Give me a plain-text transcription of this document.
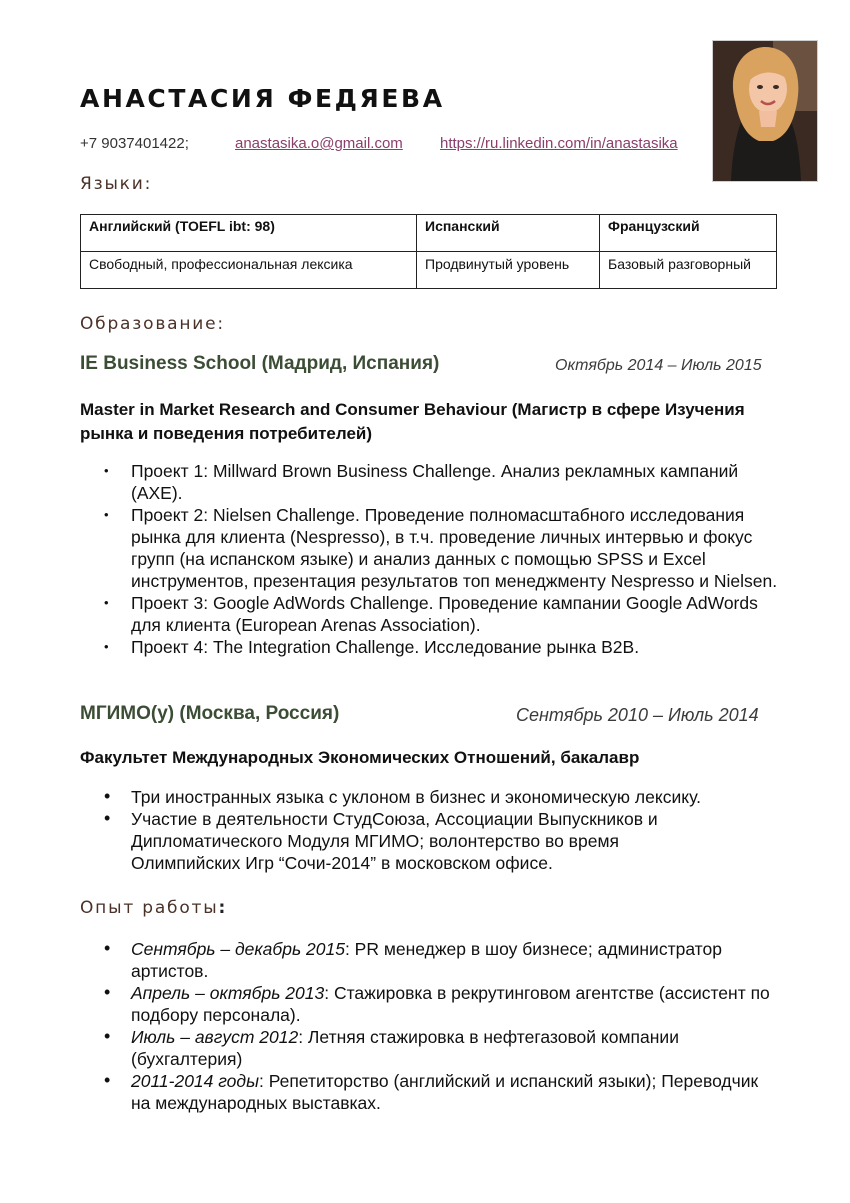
АНАСТАСИЯ ФЕДЯЕВА
+7 9037401422;	anastasika.o@gmail.com https://ru.linkedin.com/in/anastasika
Языки:
Английский (TOEFL ibt: 98)	Испанский	Французский
Свободный, профессиональная лексика	Продвинутый уровень	Базовый разговорный
Образование:
IE Business School (Мадрид, Испания)	Октябрь 2014 – Июль 2015
Master in Market Research and Consumer Behaviour (Магистр в сфере Изучения рынка и поведения потребителей)
• Проект 1: Millward Brown Business Challenge. Анализ рекламных кампаний (AXE).
• Проект 2: Nielsen Challenge. Проведение полномасштабного исследования рынка для клиента (Nespresso), в т.ч. проведение личных интервью и фокус групп (на испанском языке) и анализ данных с помощью SPSS и Excel инструментов, презентация результатов топ менеджменту Nespresso и Nielsen.
• Проект 3: Google AdWords Challenge. Проведение кампании Google AdWords для клиента (European Arenas Association).
• Проект 4: The Integration Challenge. Исследование рынка B2B.
МГИМО(у) (Москва, Россия)	Сентябрь 2010 – Июль 2014
Факультет Международных Экономических Отношений, бакалавр
• Три иностранных языка с уклоном в бизнес и экономическую лексику.
• Участие в деятельности СтудСоюза, Ассоциации Выпускников и Дипломатического Модуля МГИМО; волонтерство во время Олимпийских Игр “Сочи-2014” в московском офисе.
Опыт работы:
• Сентябрь – декабрь 2015: PR менеджер в шоу бизнесе; администратор артистов.
• Апрель – октябрь 2013: Стажировка в рекрутинговом агентстве (ассистент по подбору персонала).
• Июль – август 2012: Летняя стажировка в нефтегазовой компании (бухгалтерия)
• 2011-2014 годы: Репетиторство (английский и испанский языки); Переводчик на международных выставках.
